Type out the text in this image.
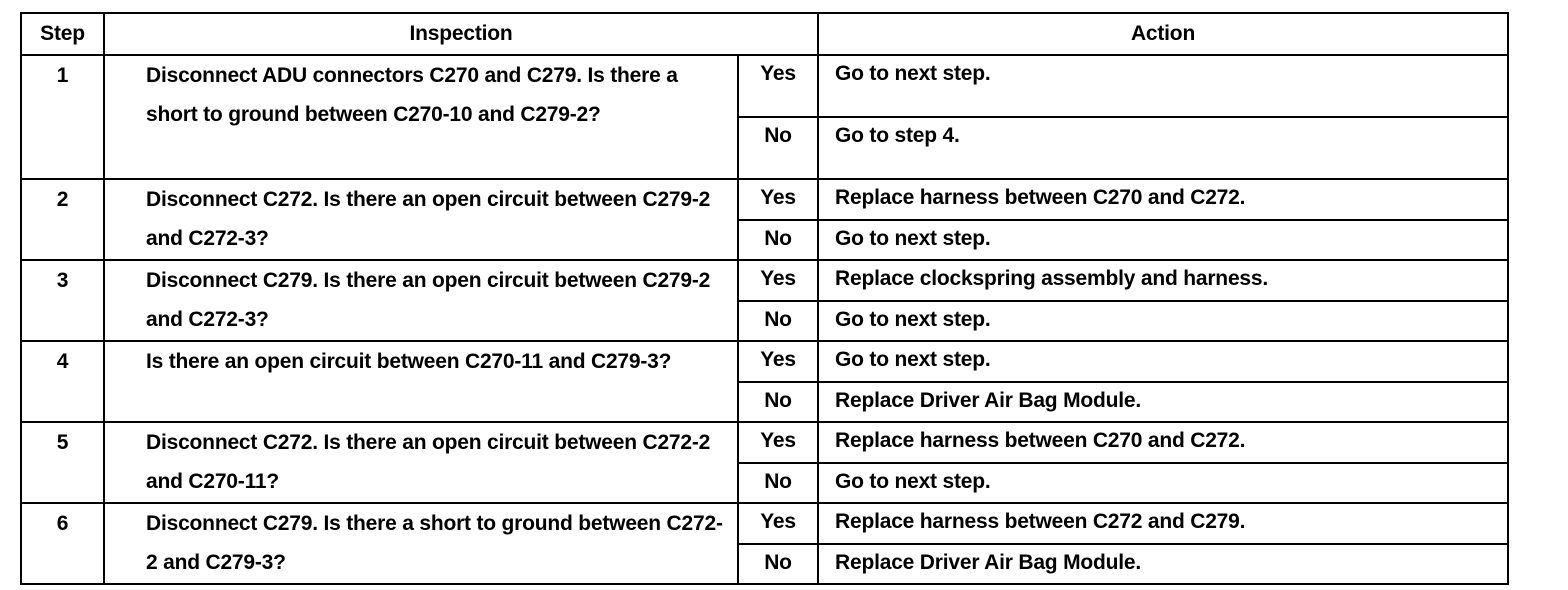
Step	Inspection		Action
1	Disconnect ADU connectors C270 and C279. Is there a short to ground between C270-10 and C279-2?	Yes	Go to next step.
		No	Go to step 4.
2	Disconnect C272. Is there an open circuit between C279-2 and C272-3?	Yes	Replace harness between C270 and C272.
		No	Go to next step.
3	Disconnect C279. Is there an open circuit between C279-2 and C272-3?	Yes	Replace clockspring assembly and harness.
		No	Go to next step.
4	Is there an open circuit between C270-11 and C279-3?	Yes	Go to next step.
		No	Replace Driver Air Bag Module.
5	Disconnect C272. Is there an open circuit between C272-2 and C270-11?	Yes	Replace harness between C270 and C272.
		No	Go to next step.
6	Disconnect C279. Is there a short to ground between C272-2 and C279-3?	Yes	Replace harness between C272 and C279.
		No	Replace Driver Air Bag Module.
